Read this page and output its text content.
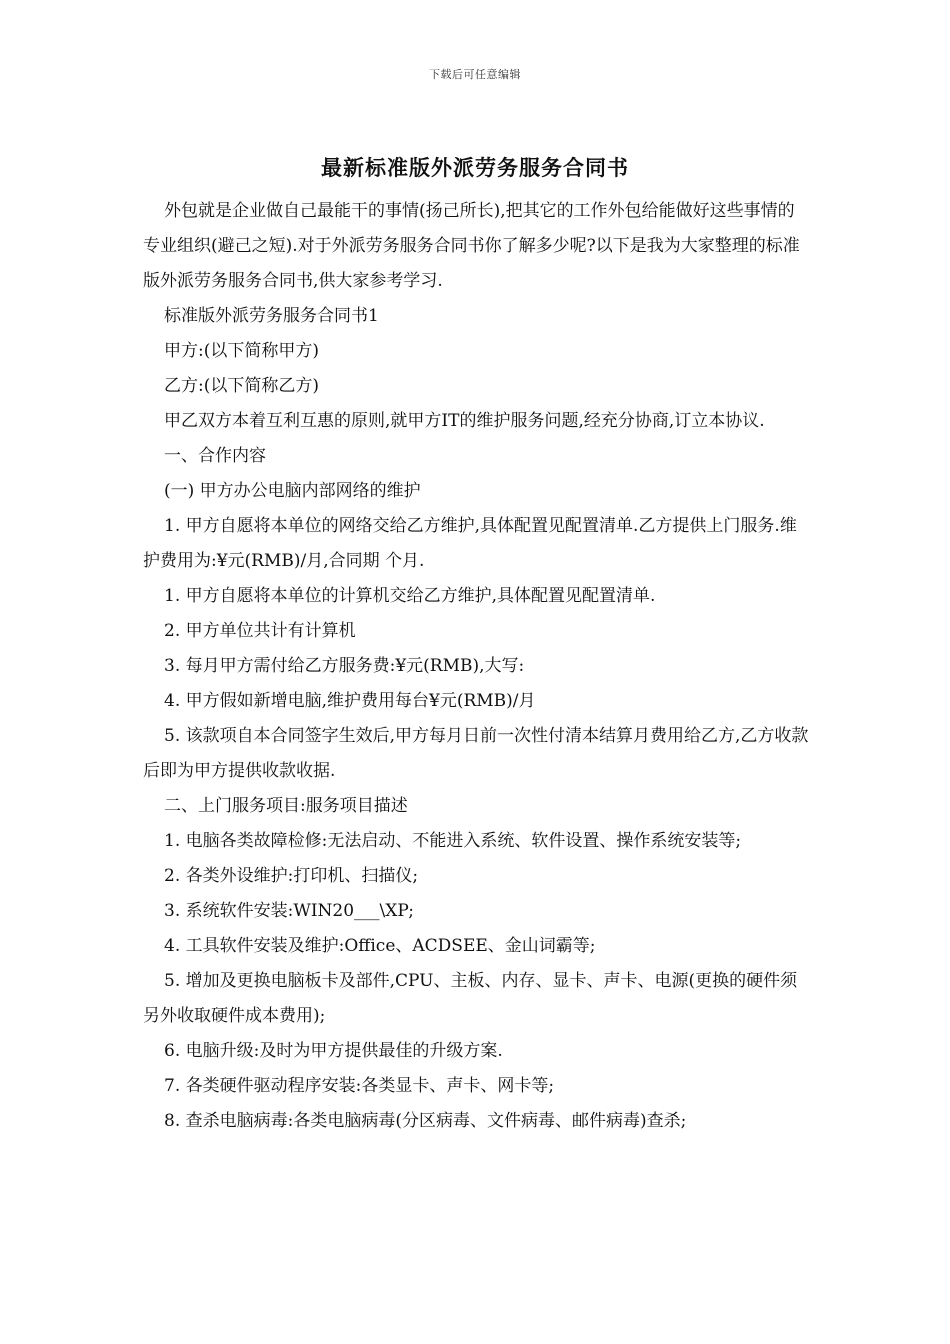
下载后可任意编辑
最新标准版外派劳务服务合同书

外包就是企业做自己最能干的事情(扬己所长),把其它的工作外包给能做好这些事情的专业组织(避己之短).对于外派劳务服务合同书你了解多少呢?以下是我为大家整理的标准版外派劳务服务合同书,供大家参考学习.

标准版外派劳务服务合同书1

甲方:(以下简称甲方)

乙方:(以下简称乙方)

甲乙双方本着互利互惠的原则,就甲方IT的维护服务问题,经充分协商,订立本协议.

一、合作内容

(一) 甲方办公电脑内部网络的维护

1. 甲方自愿将本单位的网络交给乙方维护,具体配置见配置清单.乙方提供上门服务.维护费用为:¥元(RMB)/月,合同期 个月.

1. 甲方自愿将本单位的计算机交给乙方维护,具体配置见配置清单.

2. 甲方单位共计有计算机

3. 每月甲方需付给乙方服务费:¥元(RMB),大写:

4. 甲方假如新增电脑,维护费用每台¥元(RMB)/月

5. 该款项自本合同签字生效后,甲方每月日前一次性付清本结算月费用给乙方,乙方收款后即为甲方提供收款收据.

二、上门服务项目:服务项目描述

1. 电脑各类故障检修:无法启动、不能进入系统、软件设置、操作系统安装等;

2. 各类外设维护:打印机、扫描仪;

3. 系统软件安装:WIN20___\XP;

4. 工具软件安装及维护:Office、ACDSEE、金山词霸等;

5. 增加及更换电脑板卡及部件,CPU、主板、内存、显卡、声卡、电源(更换的硬件须另外收取硬件成本费用);

6. 电脑升级:及时为甲方提供最佳的升级方案.

7. 各类硬件驱动程序安装:各类显卡、声卡、网卡等;

8. 查杀电脑病毒:各类电脑病毒(分区病毒、文件病毒、邮件病毒)查杀;
